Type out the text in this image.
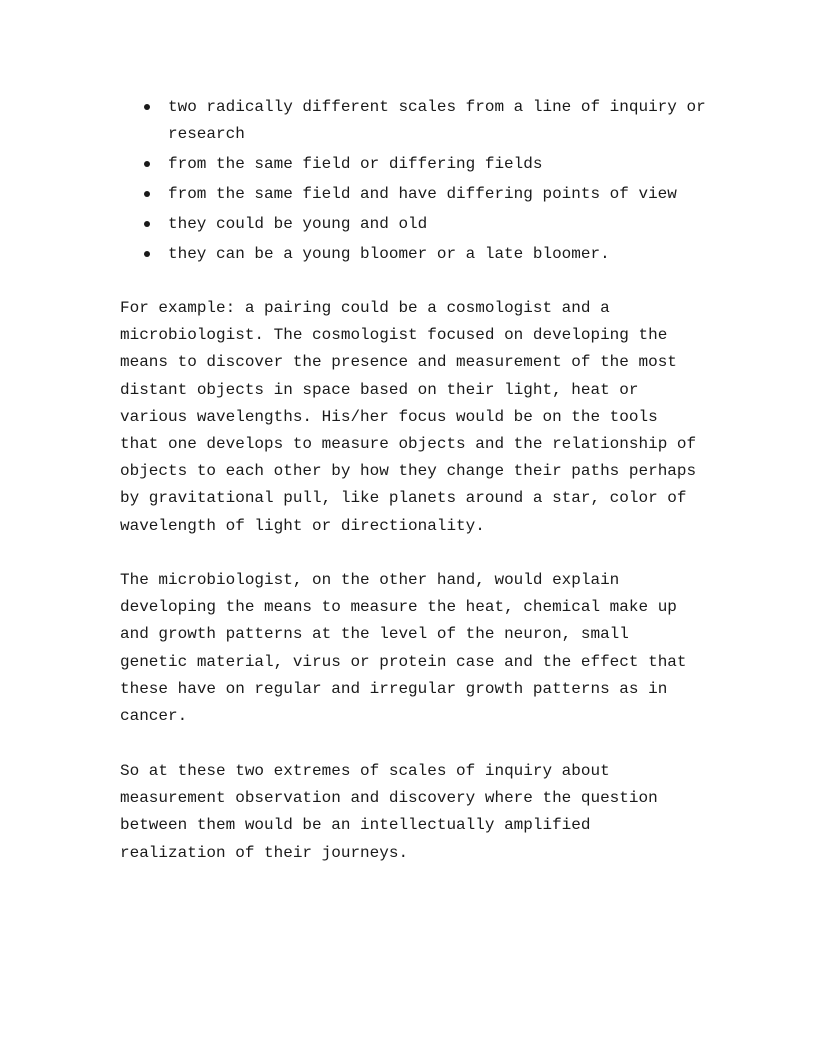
two radically different scales from a line of inquiry or research
from the same field or differing fields
from the same field and have differing points of view
they could be young and old
they can be a young bloomer or a late bloomer.

For example: a pairing could be a cosmologist and a microbiologist. The cosmologist focused on developing the means to discover the presence and measurement of the most distant objects in space based on their light, heat or various wavelengths. His/her focus would be on the tools that one develops to measure objects and the relationship of objects to each other by how they change their paths perhaps by gravitational pull, like planets around a star, color of wavelength of light or directionality.

The microbiologist, on the other hand, would explain developing the means to measure the heat, chemical make up and growth patterns at the level of the neuron, small genetic material, virus or protein case and the effect that these have on regular and irregular growth patterns as in cancer.

So at these two extremes of scales of inquiry about measurement observation and discovery where the question between them would be an intellectually amplified realization of their journeys.
